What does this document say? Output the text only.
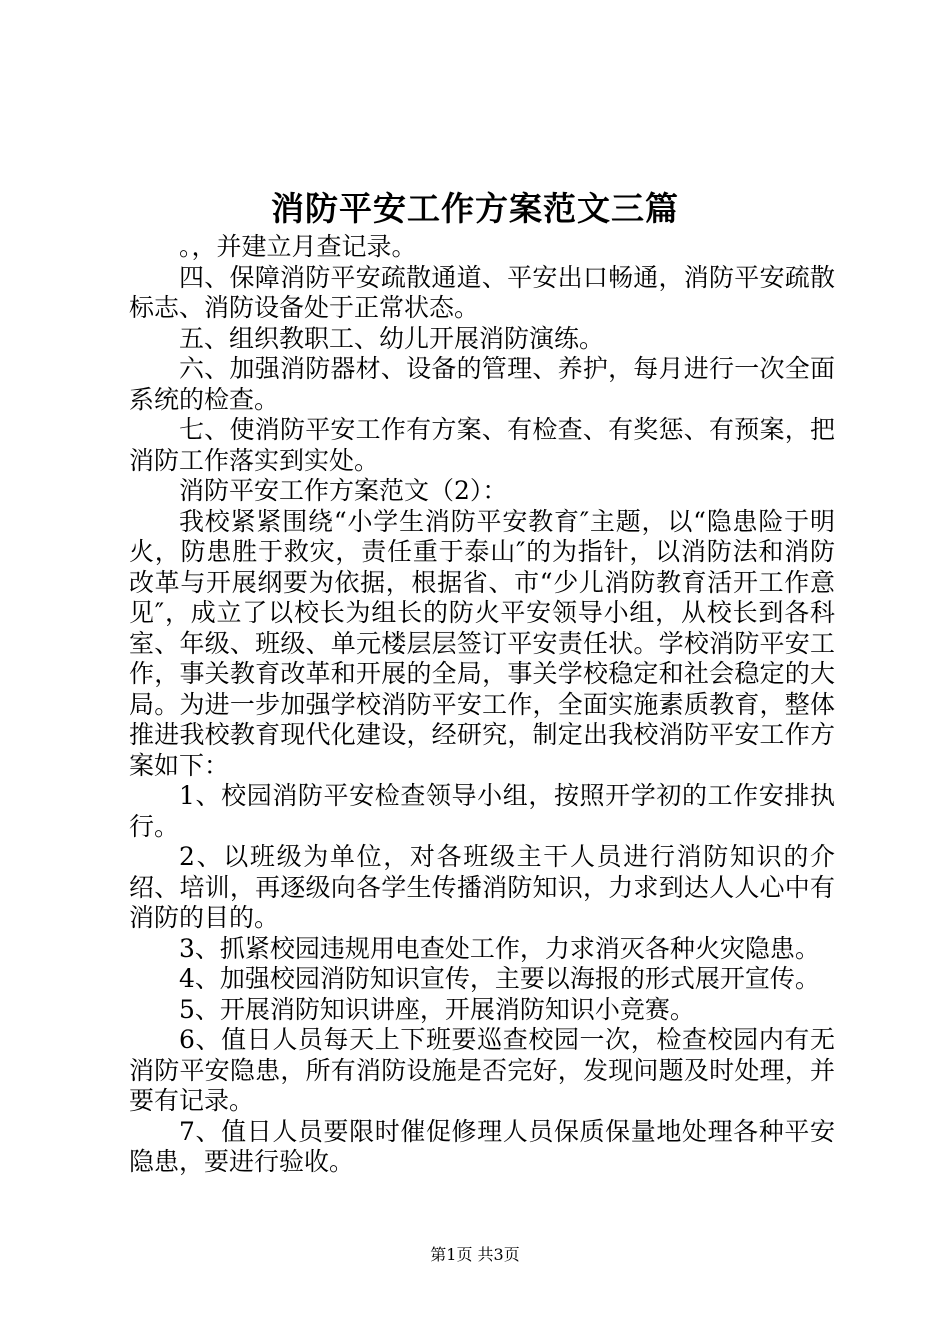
消防平安工作方案范文三篇

。，并建立月查记录。

四、保障消防平安疏散通道、平安出口畅通，消防平安疏散标志、消防设备处于正常状态。

五、组织教职工、幼儿开展消防演练。

六、加强消防器材、设备的管理、养护，每月进行一次全面系统的检查。

七、使消防平安工作有方案、有检查、有奖惩、有预案，把消防工作落实到实处。

消防平安工作方案范文（2）：

我校紧紧围绕“小学生消防平安教育″主题，以“隐患险于明火，防患胜于救灾，责任重于泰山″的为指针，以消防法和消防改革与开展纲要为依据，根据省、市“少儿消防教育活开工作意见″，成立了以校长为组长的防火平安领导小组，从校长到各科室、年级、班级、单元楼层层签订平安责任状。学校消防平安工作，事关教育改革和开展的全局，事关学校稳定和社会稳定的大局。为进一步加强学校消防平安工作，全面实施素质教育，整体推进我校教育现代化建设，经研究，制定出我校消防平安工作方案如下：

1、校园消防平安检查领导小组，按照开学初的工作安排执行。

2、以班级为单位，对各班级主干人员进行消防知识的介绍、培训，再逐级向各学生传播消防知识，力求到达人人心中有消防的目的。

3、抓紧校园违规用电查处工作，力求消灭各种火灾隐患。

4、加强校园消防知识宣传，主要以海报的形式展开宣传。

5、开展消防知识讲座，开展消防知识小竞赛。

6、值日人员每天上下班要巡查校园一次，检查校园内有无消防平安隐患，所有消防设施是否完好，发现问题及时处理，并要有记录。

7、值日人员要限时催促修理人员保质保量地处理各种平安隐患，要进行验收。

第1页 共3页
